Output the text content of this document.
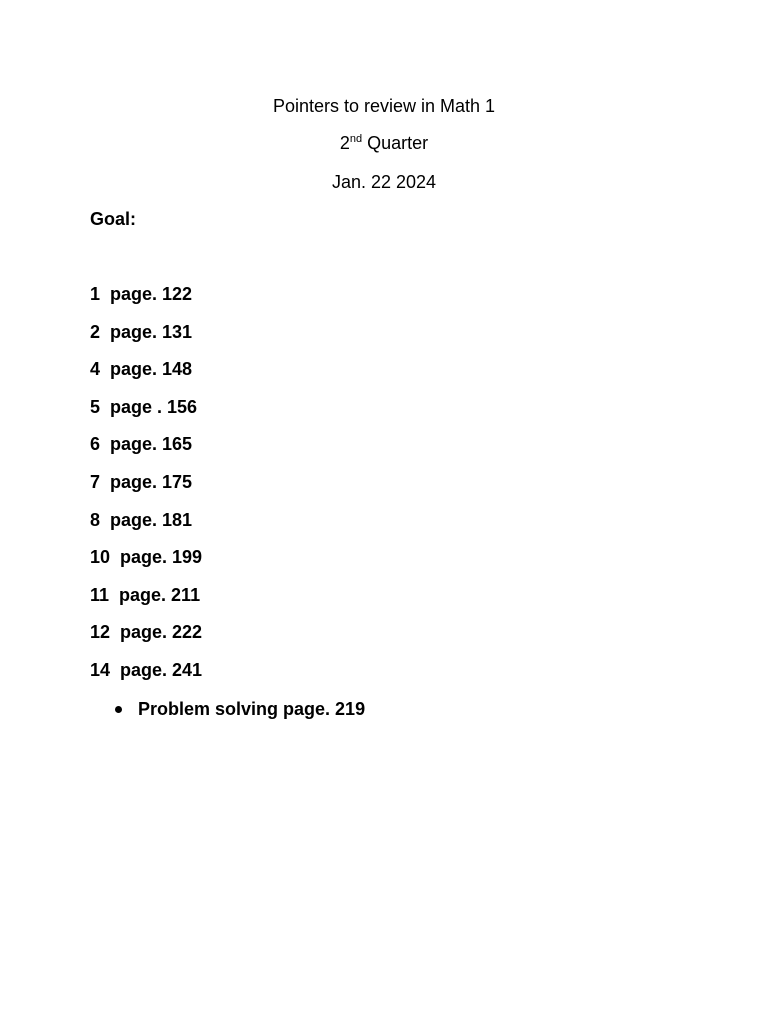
Pointers to review in Math 1
2nd Quarter
Jan. 22 2024
Goal:
1  page. 122
2  page. 131
4  page. 148
5  page . 156
6  page. 165
7  page. 175
8  page. 181
10  page. 199
11  page. 211
12  page. 222
14  page. 241
Problem solving page. 219
